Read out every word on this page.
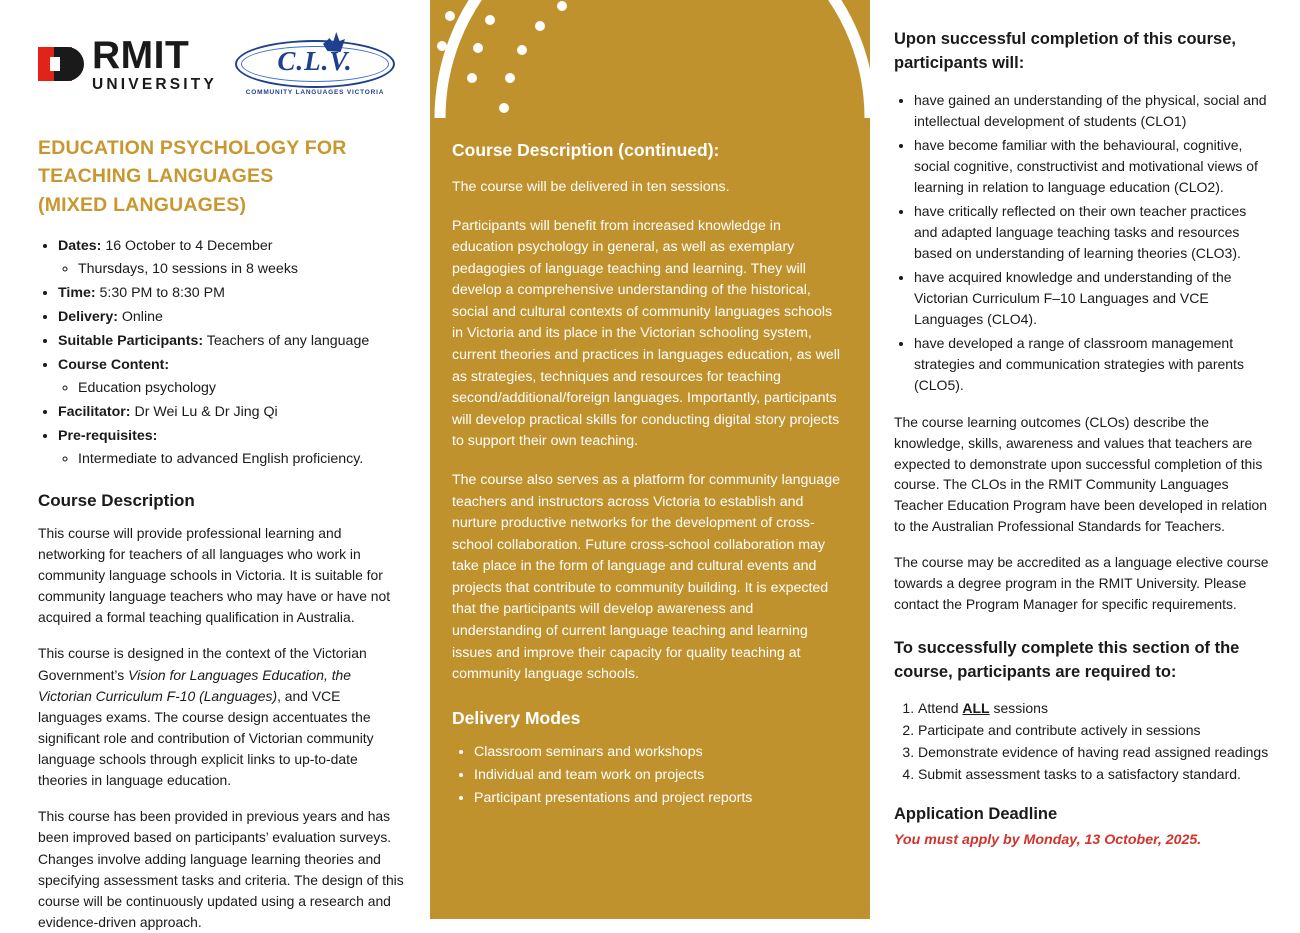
RMIT
UNIVERSITY
C.L.V.
COMMUNITY LANGUAGES VICTORIA
EDUCATION PSYCHOLOGY FOR
TEACHING LANGUAGES
(MIXED LANGUAGES)
• Dates: 16 October to 4 December
◦ Thursdays, 10 sessions in 8 weeks
• Time: 5:30 PM to 8:30 PM
• Delivery: Online
• Suitable Participants: Teachers of any language
• Course Content:
◦ Education psychology
• Facilitator: Dr Wei Lu & Dr Jing Qi
• Pre-requisites:
◦ Intermediate to advanced English proficiency.
Course Description

This course will provide professional learning and networking for teachers of all languages who work in community language schools in Victoria. It is suitable for community language teachers who may have or have not acquired a formal teaching qualification in Australia.

This course is designed in the context of the Victorian Government’s Vision for Languages Education, the Victorian Curriculum F-10 (Languages), and VCE languages exams. The course design accentuates the significant role and contribution of Victorian community language schools through explicit links to up-to-date theories in language education.

This course has been provided in previous years and has been improved based on participants’ evaluation surveys. Changes involve adding language learning theories and specifying assessment tasks and criteria. The design of this course will be continuously updated using a research and evidence-driven approach.

Course Description (continued):

The course will be delivered in ten sessions.

Participants will benefit from increased knowledge in education psychology in general, as well as exemplary pedagogies of language teaching and learning. They will develop a comprehensive understanding of the historical, social and cultural contexts of community languages schools in Victoria and its place in the Victorian schooling system, current theories and practices in languages education, as well as strategies, techniques and resources for teaching second/additional/foreign languages. Importantly, participants will develop practical skills for conducting digital story projects to support their own teaching.

The course also serves as a platform for community language teachers and instructors across Victoria to establish and nurture productive networks for the development of cross-school collaboration. Future cross-school collaboration may take place in the form of language and cultural events and projects that contribute to community building. It is expected that the participants will develop awareness and understanding of current language teaching and learning issues and improve their capacity for quality teaching at community language schools.

Delivery Modes
• Classroom seminars and workshops
• Individual and team work on projects
• Participant presentations and project reports
Upon successful completion of this course, participants will:
• have gained an understanding of the physical, social and intellectual development of students (CLO1)
• have become familiar with the behavioural, cognitive, social cognitive, constructivist and motivational views of learning in relation to language education (CLO2).
• have critically reflected on their own teacher practices and adapted language teaching tasks and resources based on understanding of learning theories (CLO3).
• have acquired knowledge and understanding of the Victorian Curriculum F–10 Languages and VCE Languages (CLO4).
• have developed a range of classroom management strategies and communication strategies with parents (CLO5).

The course learning outcomes (CLOs) describe the knowledge, skills, awareness and values that teachers are expected to demonstrate upon successful completion of this course. The CLOs in the RMIT Community Languages Teacher Education Program have been developed in relation to the Australian Professional Standards for Teachers.

The course may be accredited as a language elective course towards a degree program in the RMIT University. Please contact the Program Manager for specific requirements.

To successfully complete this section of the course, participants are required to:
1. Attend ALL sessions
2. Participate and contribute actively in sessions
3. Demonstrate evidence of having read assigned readings
4. Submit assessment tasks to a satisfactory standard.
Application Deadline

You must apply by Monday, 13 October, 2025.
